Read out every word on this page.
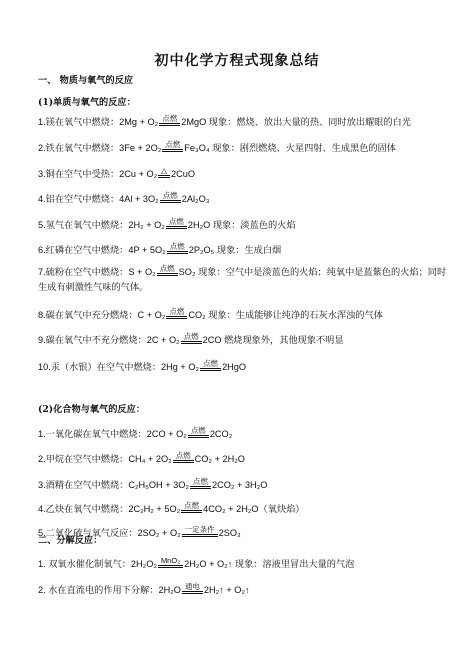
初中化学方程式现象总结
一、 物质与氧气的反应
(1)单质与氧气的反应：
1.镁在氧气中燃烧：2Mg + O₂ 点燃 2MgO 现象：燃烧、放出大量的热、同时放出耀眼的白光
2.铁在氧气中燃烧：3Fe + 2O₂ 点燃 Fe₃O₄ 现象：剧烈燃烧、火星四射、生成黑色的固体
3.铜在空气中受热：2Cu + O₂ △ 2CuO
4.铝在空气中燃烧：4Al + 3O₂ 点燃 2Al₂O₃
5.氢气在氧气中燃烧：2H₂ + O₂ 点燃 2H₂O 现象：淡蓝色的火焰
6.红磷在空气中燃烧：4P + 5O₂ 点燃 2P₂O₅ 现象：生成白烟
7.硫粉在空气中燃烧：S + O₂ 点燃 SO₂ 现象：空气中是淡蓝色的火焰；纯氧中是蓝紫色的火焰；同时
生成有刺激性气味的气体。
8.碳在氧气中充分燃烧：C + O₂ 点燃 CO₂ 现象：生成能够让纯净的石灰水浑浊的气体
9.碳在氧气中不充分燃烧：2C + O₂ 点燃 2CO 燃烧现象外，其他现象不明显
10.汞（水银）在空气中燃烧：2Hg + O₂ 点燃 2HgO
(2)化合物与氧气的反应：
1.一氧化碳在氧气中燃烧：2CO + O₂ 点燃 2CO₂
2.甲烷在空气中燃烧：CH₄ + 2O₂ 点燃 CO₂ + 2H₂O
3.酒精在空气中燃烧：C₂H₅OH + 3O₂ 点燃 2CO₂ + 3H₂O
4.乙炔在氧气中燃烧：2C₂H₂ + 5O₂ 点燃 4CO₂ + 2H₂O（氧炔焰）
5.二氧化硫与氧气反应：2SO₂ + O₂ 一定条件 2SO₃
二、分解反应：
1. 双氧水催化制氧气：2H₂O₂ MnO₂ 2H₂O + O₂↑ 现象：溶液里冒出大量的气泡
2. 水在直流电的作用下分解：2H₂O 通电 2H₂↑ + O₂↑
